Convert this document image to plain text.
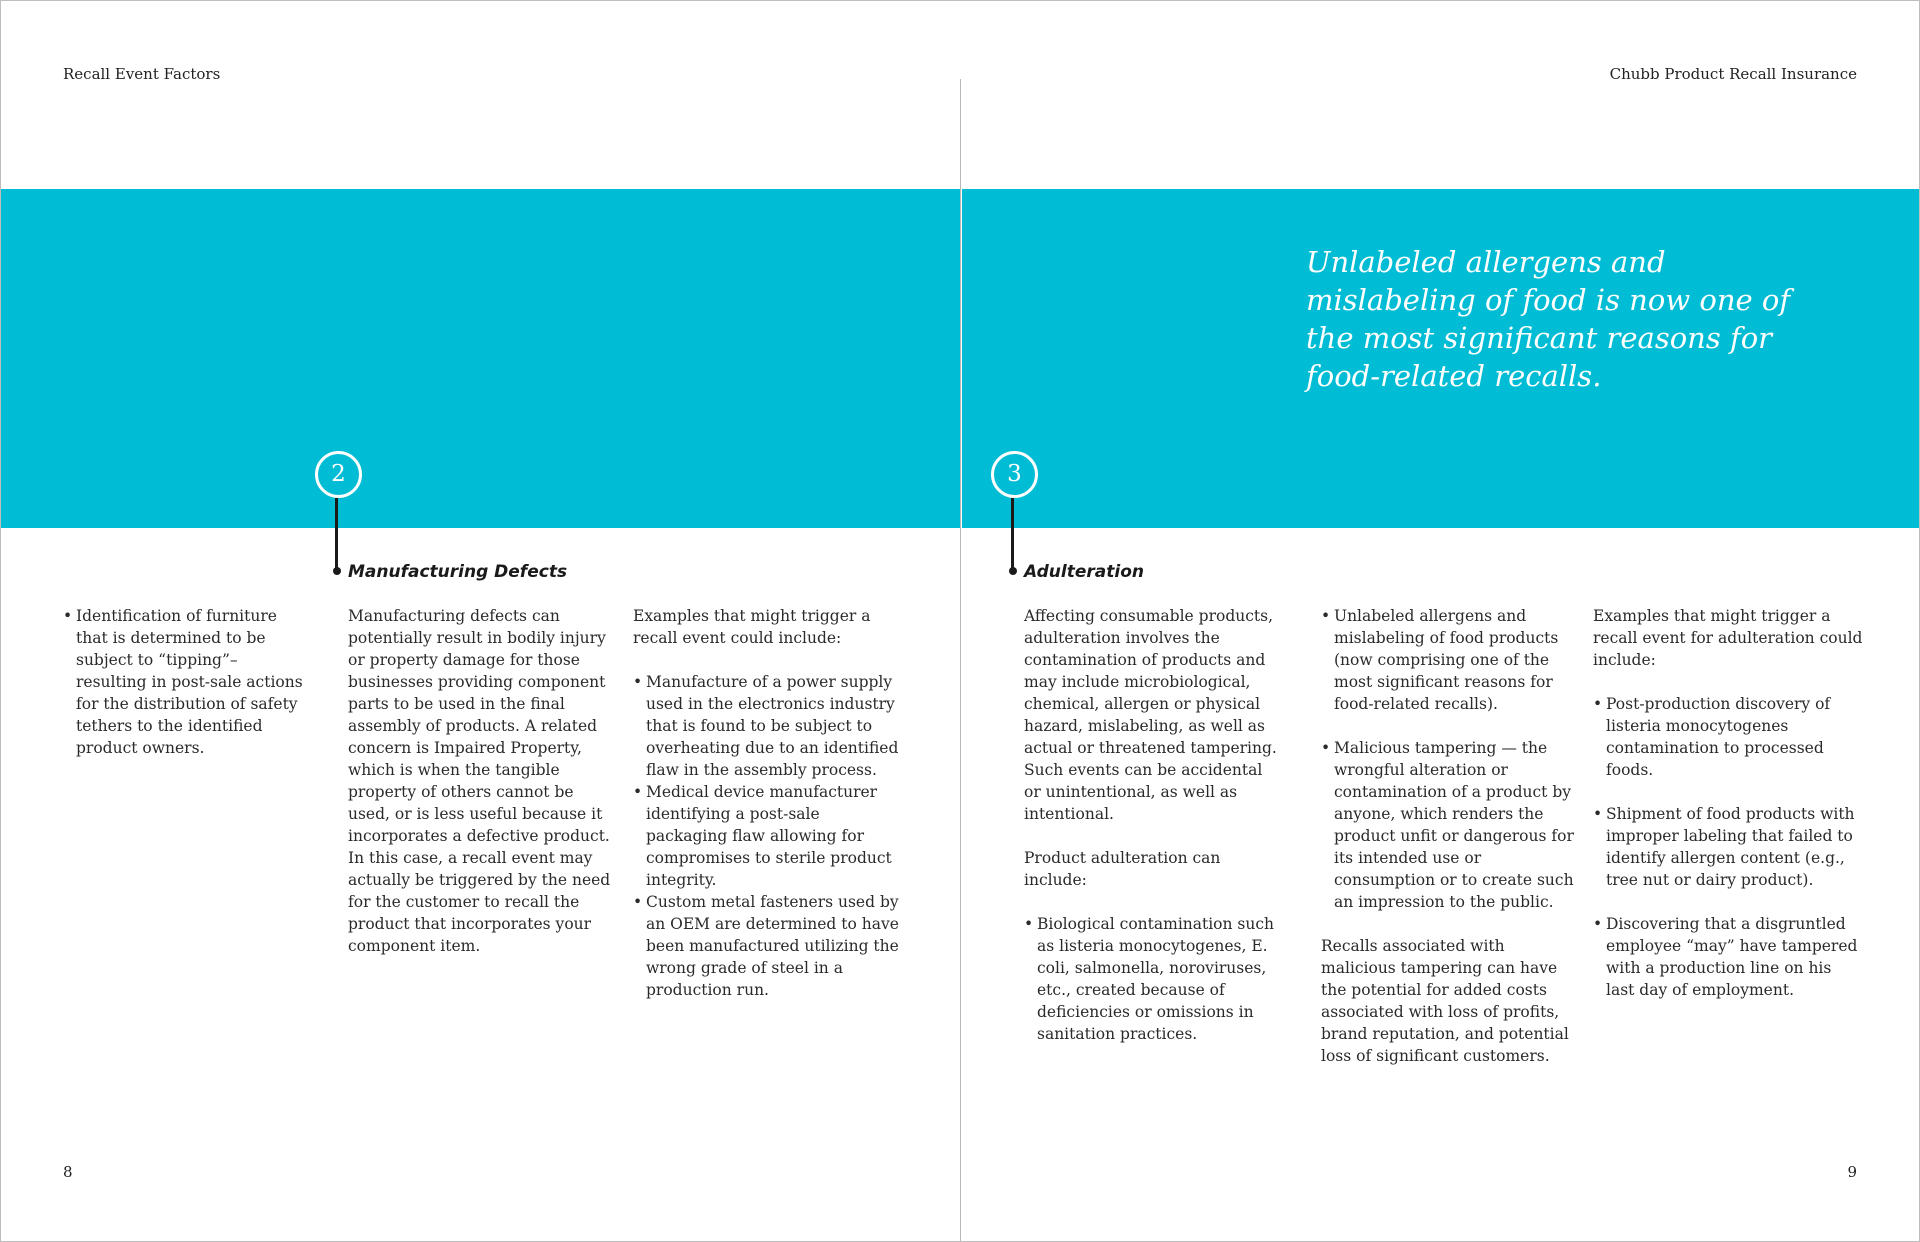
Recall Event Factors
2
Manufacturing Defects
• Identification of furniture that is determined to be subject to “tipping”–resulting in post-sale actions for the distribution of safety tethers to the identified product owners.

Manufacturing defects can potentially result in bodily injury or property damage for those businesses providing component parts to be used in the final assembly of products. A related concern is Impaired Property, which is when the tangible property of others cannot be used, or is less useful because it incorporates a defective product. In this case, a recall event may actually be triggered by the need for the customer to recall the product that incorporates your component item.

Examples that might trigger a recall event could include:

• Manufacture of a power supply used in the electronics industry that is found to be subject to overheating due to an identified flaw in the assembly process.
• Medical device manufacturer identifying a post-sale packaging flaw allowing for compromises to sterile product integrity.
• Custom metal fasteners used by an OEM are determined to have been manufactured utilizing the wrong grade of steel in a production run.
8
Chubb Product Recall Insurance

Unlabeled allergens and mislabeling of food is now one of the most significant reasons for food-related recalls.

3
Adulteration

Affecting consumable products, adulteration involves the contamination of products and may include microbiological, chemical, allergen or physical hazard, mislabeling, as well as actual or threatened tampering. Such events can be accidental or unintentional, as well as intentional.

Product adulteration can include:

• Biological contamination such as listeria monocytogenes, E. coli, salmonella, noroviruses, etc., created because of deficiencies or omissions in sanitation practices.
• Unlabeled allergens and mislabeling of food products (now comprising one of the most significant reasons for food-related recalls).
• Malicious tampering — the wrongful alteration or contamination of a product by anyone, which renders the product unfit or dangerous for its intended use or consumption or to create such an impression to the public.

Recalls associated with malicious tampering can have the potential for added costs associated with loss of profits, brand reputation, and potential loss of significant customers.

Examples that might trigger a recall event for adulteration could include:

• Post-production discovery of listeria monocytogenes contamination to processed foods.
• Shipment of food products with improper labeling that failed to identify allergen content (e.g., tree nut or dairy product).
• Discovering that a disgruntled employee “may” have tampered with a production line on his last day of employment.
9
